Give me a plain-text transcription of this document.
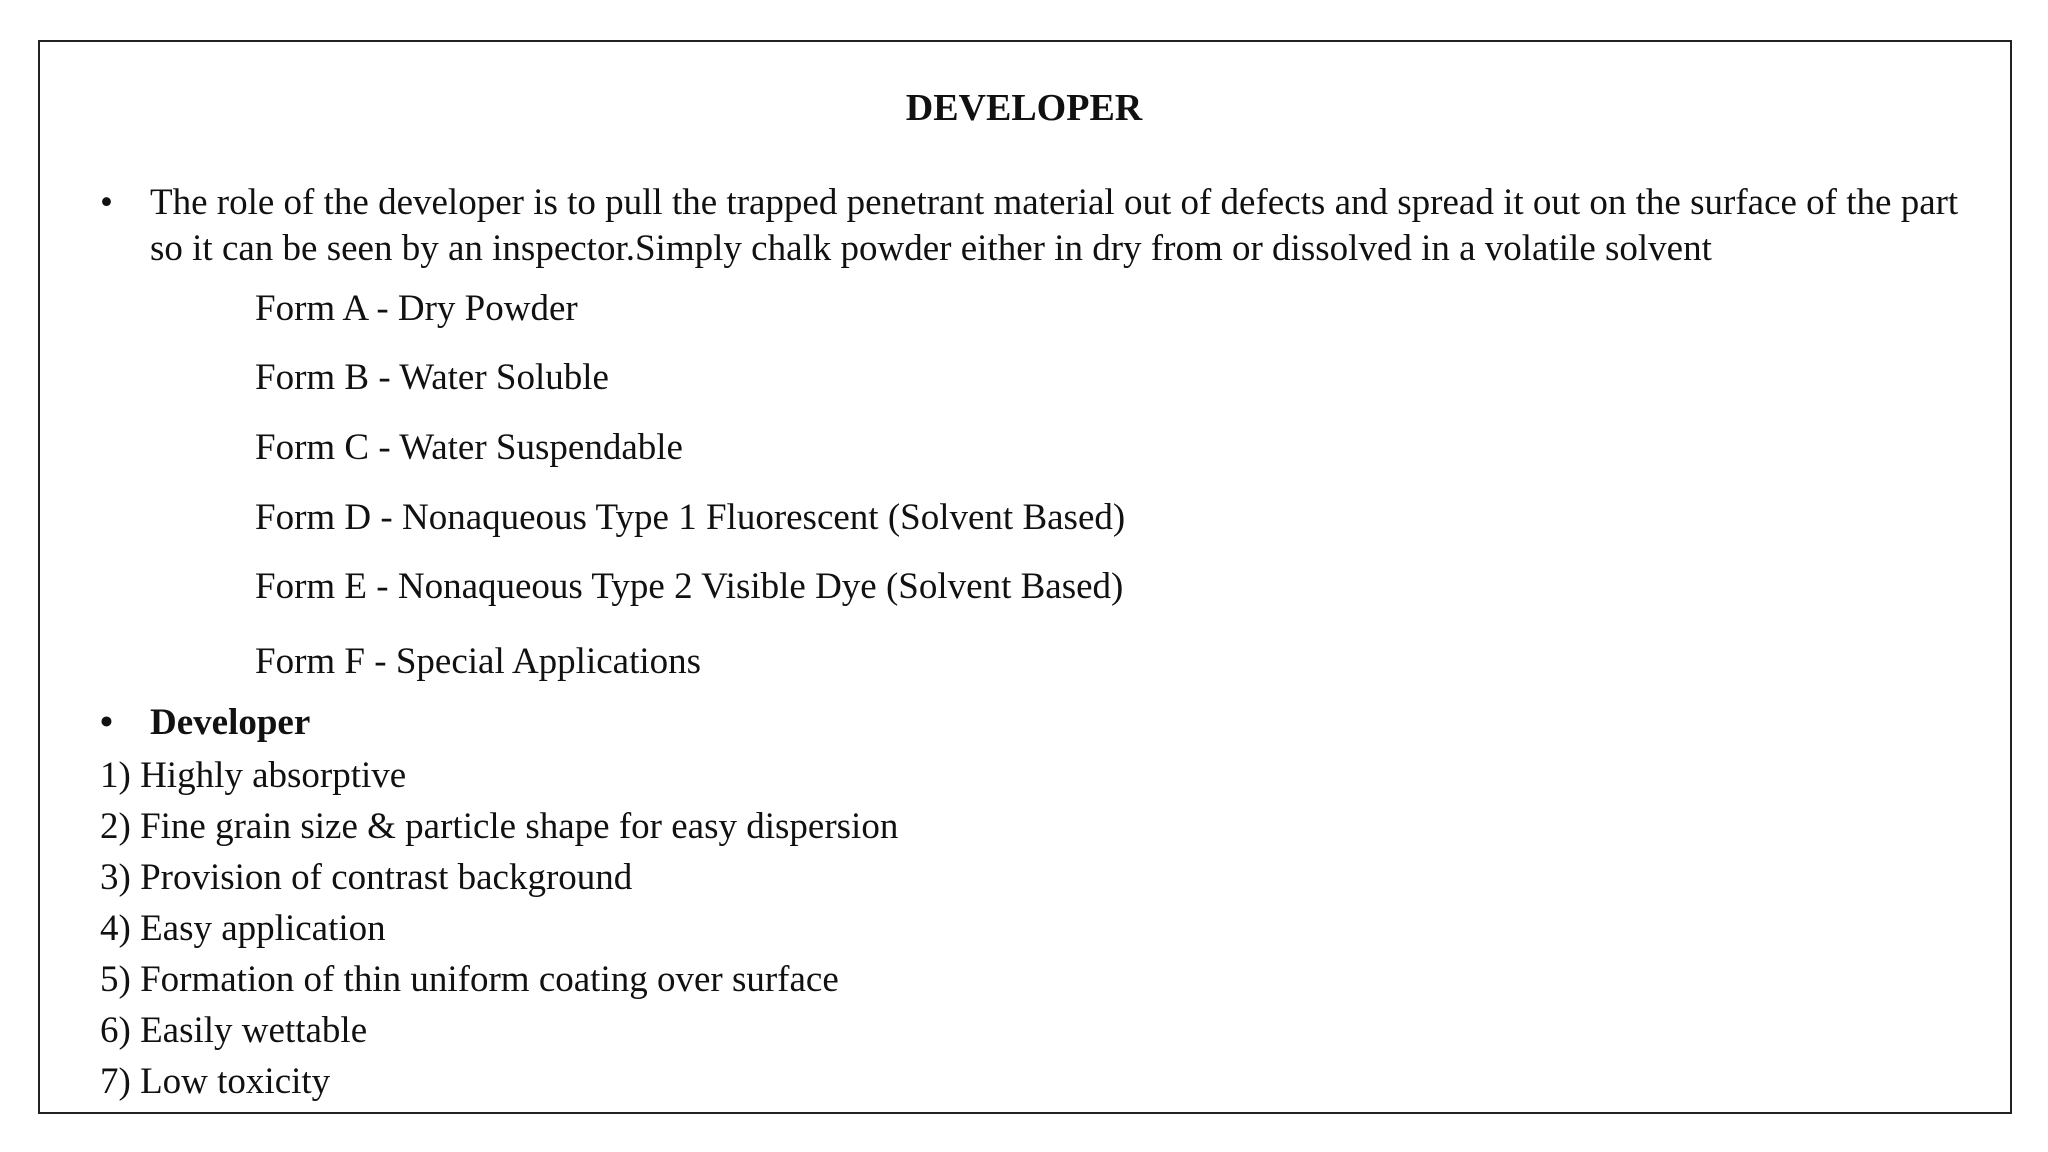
DEVELOPER
•	The role of the developer is to pull the trapped penetrant material out of defects and spread it out on the surface of the part so it can be seen by an inspector.Simply chalk powder either in dry from or dissolved in a volatile solvent
Form A - Dry Powder
Form B - Water Soluble
Form C - Water Suspendable
Form D - Nonaqueous Type 1 Fluorescent (Solvent Based)
Form E - Nonaqueous Type 2 Visible Dye (Solvent Based)
Form F - Special Applications
•	Developer
1) Highly absorptive
2) Fine grain size & particle shape for easy dispersion
3) Provision of contrast background
4) Easy application
5) Formation of thin uniform coating over surface
6) Easily wettable
7) Low toxicity
